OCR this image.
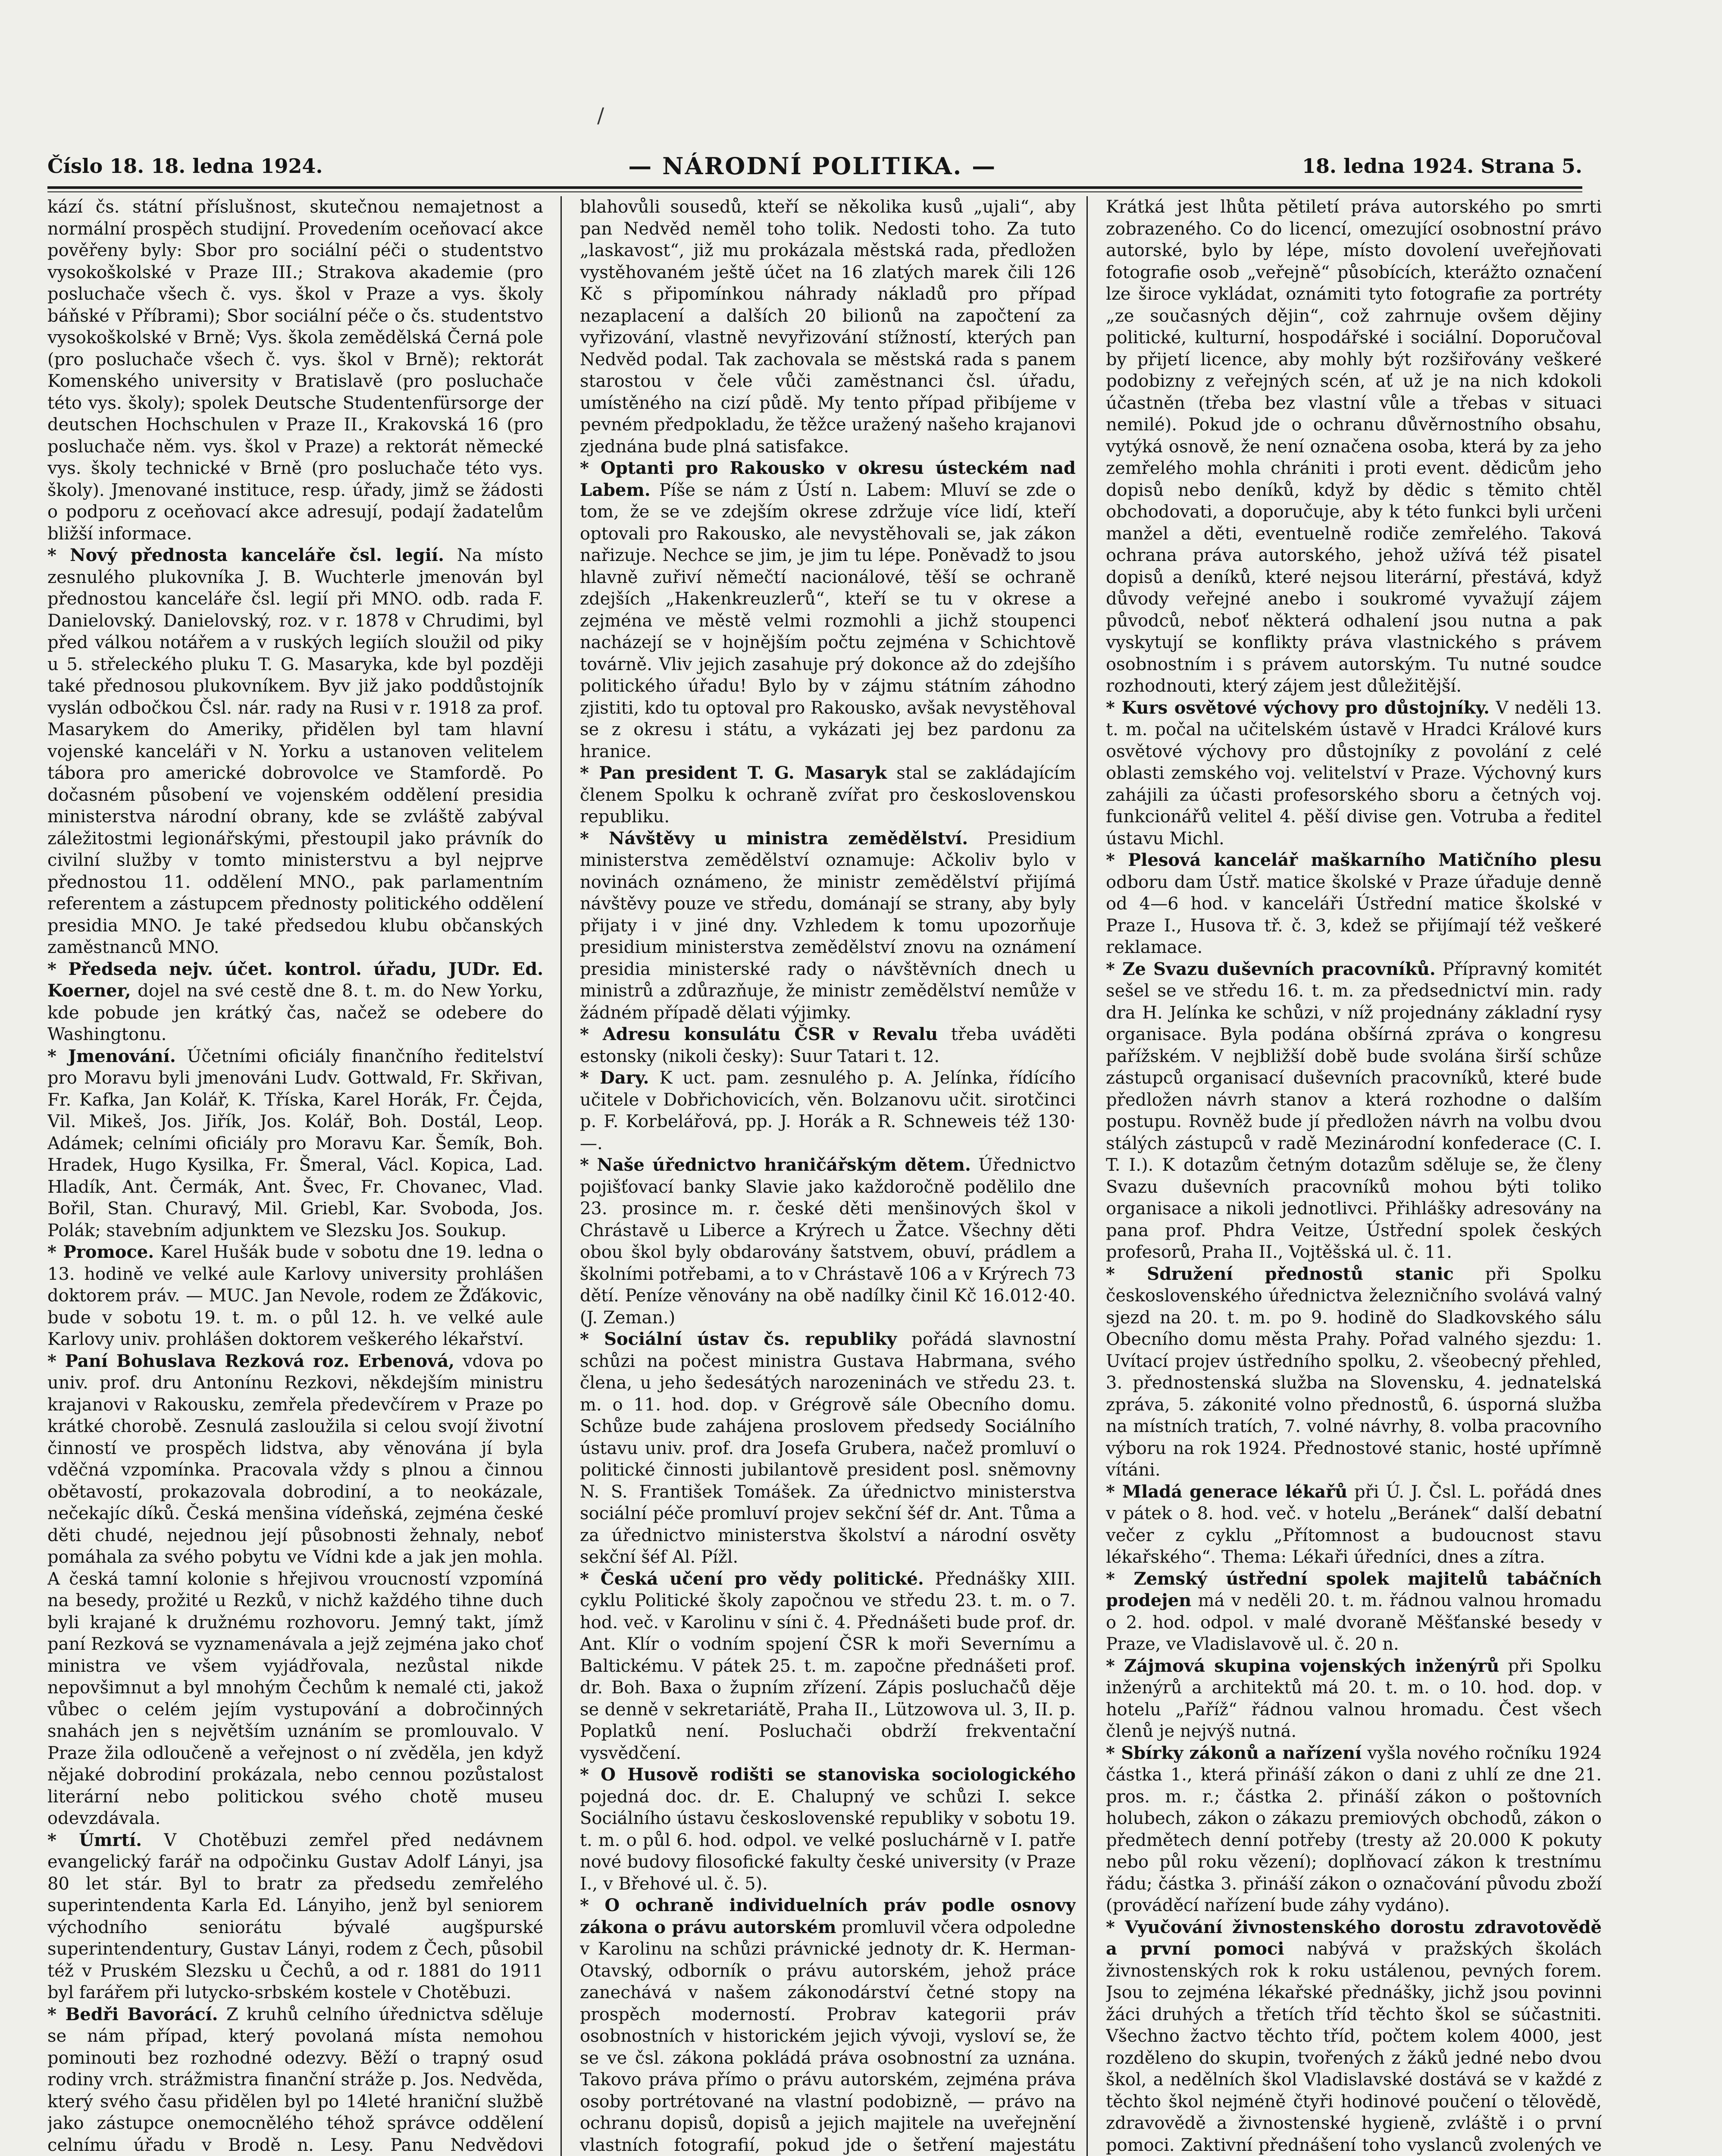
/
Číslo 18. 18. ledna 1924.	— NÁRODNÍ POLITIKA. —	18. ledna 1924. Strana 5.

kází čs. státní příslušnost, skutečnou nemajetnost a normální prospěch studijní. Provedením oceňovací akce pověřeny byly: Sbor pro sociální péči o studentstvo vysokoškolské v Praze III.; Strakova akademie (pro posluchače všech č. vys. škol v Praze a vys. školy báňské v Příbrami); Sbor sociální péče o čs. studentstvo vysokoškolské v Brně; Vys. škola zemědělská Černá pole (pro posluchače všech č. vys. škol v Brně); rektorát Komenského university v Bratislavě (pro posluchače této vys. školy); spolek Deutsche Studentenfürsorge der deutschen Hochschulen v Praze II., Krakovská 16 (pro posluchače něm. vys. škol v Praze) a rektorát německé vys. školy technické v Brně (pro posluchače této vys. školy). Jmenované instituce, resp. úřady, jimž se žádosti o podporu z oceňovací akce adresují, podají žadatelům bližší informace.

* Nový přednosta kanceláře čsl. legií. Na místo zesnulého plukovníka J. B. Wuchterle jmenován byl přednostou kanceláře čsl. legií při MNO. odb. rada F. Danielovský. Danielovský, roz. v r. 1878 v Chrudimi, byl před válkou notářem a v ruských legiích sloužil od piky u 5. střeleckého pluku T. G. Masaryka, kde byl později také přednosou plukovníkem. Byv již jako poddůstojník vyslán odbočkou Čsl. nár. rady na Rusi v r. 1918 za prof. Masarykem do Ameriky, přidělen byl tam hlavní vojenské kanceláři v N. Yorku a ustanoven velitelem tábora pro americké dobrovolce ve Stamfordě. Po dočasném působení ve vojenském oddělení presidia ministerstva národní obrany, kde se zvláště zabýval záležitostmi legionářskými, přestoupil jako právník do civilní služby v tomto ministerstvu a byl nejprve přednostou 11. oddělení MNO., pak parlamentním referentem a zástupcem přednosty politického oddělení presidia MNO. Je také předsedou klubu občanských zaměstnanců MNO.

* Předseda nejv. účet. kontrol. úřadu, JUDr. Ed. Koerner, dojel na své cestě dne 8. t. m. do New Yorku, kde pobude jen krátký čas, načež se odebere do Washingtonu.

* Jmenování. Účetními oficiály finančního ředitelství pro Moravu byli jmenováni Ludv. Gottwald, Fr. Skřivan, Fr. Kafka, Jan Kolář, K. Tříska, Karel Horák, Fr. Čejda, Vil. Mikeš, Jos. Jiřík, Jos. Kolář, Boh. Dostál, Leop. Adámek; celními oficiály pro Moravu Kar. Šemík, Boh. Hradek, Hugo Kysilka, Fr. Šmeral, Václ. Kopica, Lad. Hladík, Ant. Čermák, Ant. Švec, Fr. Chovanec, Vlad. Bořil, Stan. Churavý, Mil. Griebl, Kar. Svoboda, Jos. Polák; stavebním adjunktem ve Slezsku Jos. Soukup.

* Promoce. Karel Hušák bude v sobotu dne 19. ledna o 13. hodině ve velké aule Karlovy university prohlášen doktorem práv. — MUC. Jan Nevole, rodem ze Žďákovic, bude v sobotu 19. t. m. o půl 12. h. ve velké aule Karlovy univ. prohlášen doktorem veškerého lékařství.

* Paní Bohuslava Rezková roz. Erbenová, vdova po univ. prof. dru Antonínu Rezkovi, někdejším ministru krajanovi v Rakousku, zemřela předevčírem v Praze po krátké chorobě. Zesnulá zasloužila si celou svojí životní činností ve prospěch lidstva, aby věnována jí byla vděčná vzpomínka. Pracovala vždy s plnou a činnou obětavostí, prokazovala dobrodiní, a to neokázale, nečekajíc díků. Česká menšina vídeňská, zejména české děti chudé, nejednou její působnosti žehnaly, neboť pomáhala za svého pobytu ve Vídni kde a jak jen mohla. A česká tamní kolonie s hřejivou vroucností vzpomíná na besedy, prožité u Rezků, v nichž každého tihne duch byli krajané k družnému rozhovoru. Jemný takt, jímž paní Rezková se vyznamenávala a jejž zejména jako choť ministra ve všem vyjádřovala, nezůstal nikde nepovšimnut a byl mnohým Čechům k nemalé cti, jakož vůbec o celém jejím vystupování a dobročinných snahách jen s největším uznáním se promlouvalo. V Praze žila odloučeně a veřejnost o ní zvěděla, jen když nějaké dobrodiní prokázala, nebo cennou pozůstalost literární nebo politickou svého chotě museu odevzdávala.

* Úmrtí. V Chotěbuzi zemřel před nedávnem evangelický farář na odpočinku Gustav Adolf Lányi, jsa 80 let stár. Byl to bratr za předsedu zemřelého superintendenta Karla Ed. Lányiho, jenž byl seniorem východního seniorátu bývalé augšpurské superintendentury, Gustav Lányi, rodem z Čech, působil též v Pruském Slezsku u Čechů, a od r. 1881 do 1911 byl farářem při lutycko-srbském kostele v Chotěbuzi.

* Bedři Bavorácí. Z kruhů celního úřednictva sděluje se nám případ, který povolaná místa nemohou pominouti bez rozhodné odezvy. Běží o trapný osud rodiny vrch. strážmistra finanční stráže p. Jos. Nedvěda, který svého času přidělen byl po 14leté hraniční službě jako zástupce onemocnělého téhož správce oddělení celnímu úřadu v Brodě n. Lesy. Panu Nedvědovi

blahovůli sousedů, kteří se několika kusů „ujali“, aby pan Nedvěd neměl toho tolik. Nedosti toho. Za tuto „laskavost“, již mu prokázala městská rada, předložen vystěhovaném ještě účet na 16 zlatých marek čili 126 Kč s připomínkou náhrady nákladů pro případ nezaplacení a dalších 20 bilionů na započtení za vyřizování, vlastně nevyřizování stížností, kterých pan Nedvěd podal. Tak zachovala se městská rada s panem starostou v čele vůči zaměstnanci čsl. úřadu, umístěného na cizí půdě. My tento případ přibíjeme v pevném předpokladu, že těžce uražený našeho krajanovi zjednána bude plná satisfakce.

* Optanti pro Rakousko v okresu ústeckém nad Labem. Píše se nám z Ústí n. Labem: Mluví se zde o tom, že se ve zdejším okrese zdržuje více lidí, kteří optovali pro Rakousko, ale nevystěhovali se, jak zákon nařizuje. Nechce se jim, je jim tu lépe. Poněvadž to jsou hlavně zuřiví němečtí nacionálové, těší se ochraně zdejších „Hakenkreuzlerů“, kteří se tu v okrese a zejména ve městě velmi rozmohli a jichž stoupenci nacházejí se v hojnějším počtu zejména v Schichtově továrně. Vliv jejich zasahuje prý dokonce až do zdejšího politického úřadu! Bylo by v zájmu státním záhodno zjistiti, kdo tu optoval pro Rakousko, avšak nevystěhoval se z okresu i státu, a vykázati jej bez pardonu za hranice.

* Pan president T. G. Masaryk stal se zakládajícím členem Spolku k ochraně zvířat pro československou republiku.

* Návštěvy u ministra zemědělství. Presidium ministerstva zemědělství oznamuje: Ačkoliv bylo v novinách oznámeno, že ministr zemědělství přijímá návštěvy pouze ve středu, dománají se strany, aby byly přijaty i v jiné dny. Vzhledem k tomu upozorňuje presidium ministerstva zemědělství znovu na oznámení presidia ministerské rady o návštěvních dnech u ministrů a zdůrazňuje, že ministr zemědělství nemůže v žádném případě dělati výjimky.

* Adresu konsulátu ČSR v Revalu třeba uváděti estonsky (nikoli česky): Suur Tatari t. 12.

* Dary. K uct. pam. zesnulého p. A. Jelínka, řídícího učitele v Dobřichovicích, věn. Bolzanovu učit. sirotčinci p. F. Korbelářová, pp. J. Horák a R. Schneweis též 130·—.

* Naše úřednictvo hraničářským dětem. Úřednictvo pojišťovací banky Slavie jako každoročně podělilo dne 23. prosince m. r. české děti menšinových škol v Chrástavě u Liberce a Krýrech u Žatce. Všechny děti obou škol byly obdarovány šatstvem, obuví, prádlem a školními potřebami, a to v Chrástavě 106 a v Krýrech 73 dětí. Peníze věnovány na obě nadílky činil Kč 16.012·40. (J. Zeman.)

* Sociální ústav čs. republiky pořádá slavnostní schůzi na počest ministra Gustava Habrmana, svého člena, u jeho šedesátých narozeninách ve středu 23. t. m. o 11. hod. dop. v Grégrově sále Obecního domu. Schůze bude zahájena proslovem předsedy Sociálního ústavu univ. prof. dra Josefa Grubera, načež promluví o politické činnosti jubilantově president posl. sněmovny N. S. František Tomášek. Za úřednictvo ministerstva sociální péče promluví projev sekční šéf dr. Ant. Tůma a za úřednictvo ministerstva školství a národní osvěty sekční šéf Al. Pížl.

* Česká učení pro vědy politické. Přednášky XIII. cyklu Politické školy započnou ve středu 23. t. m. o 7. hod. več. v Karolinu v síni č. 4. Přednášeti bude prof. dr. Ant. Klír o vodním spojení ČSR k moři Severnímu a Baltickému. V pátek 25. t. m. započne přednášeti prof. dr. Boh. Baxa o župním zřízení. Zápis posluchačů děje se denně v sekretariátě, Praha II., Lützowova ul. 3, II. p. Poplatků není. Posluchači obdrží frekventační vysvědčení.

* O Husově rodišti se stanoviska sociologického pojedná doc. dr. E. Chalupný ve schůzi I. sekce Sociálního ústavu československé republiky v sobotu 19. t. m. o půl 6. hod. odpol. ve velké posluchárně v I. patře nové budovy filosofické fakulty české university (v Praze I., v Břehové ul. č. 5).

* O ochraně individuelních práv podle osnovy zákona o právu autorském promluvil včera odpoledne v Karolinu na schůzi právnické jednoty dr. K. Herman-Otavský, odborník o právu autorském, jehož práce zanechává v našem zákonodárství četné stopy na prospěch moderností. Probrav kategorii práv osobnostních v historickém jejich vývoji, vysloví se, že se ve čsl. zákona pokládá práva osobnostní za uznána. Takovo práva přímo o právu autorském, zejména práva osoby portrétované na vlastní podobizně, — právo na ochranu dopisů, dopisů a jejich majitele na uveřejnění vlastních fotografií, pokud jde o šetření majestátu

Krátká jest lhůta pětiletí práva autorského po smrti zobrazeného. Co do licencí, omezující osobnostní právo autorské, bylo by lépe, místo dovolení uveřejňovati fotografie osob „veřejně“ působících, kterážto označení lze široce vykládat, oznámiti tyto fotografie za portréty „ze současných dějin“, což zahrnuje ovšem dějiny politické, kulturní, hospodářské i sociální. Doporučoval by přijetí licence, aby mohly být rozšiřovány veškeré podobizny z veřejných scén, ať už je na nich kdokoli účastněn (třeba bez vlastní vůle a třebas v situaci nemilé). Pokud jde o ochranu důvěrnostního obsahu, vytýká osnově, že není označena osoba, která by za jeho zemřelého mohla chrániti i proti event. dědicům jeho dopisů nebo deníků, když by dědic s těmito chtěl obchodovati, a doporučuje, aby k této funkci byli určeni manžel a děti, eventuelně rodiče zemřelého. Taková ochrana práva autorského, jehož užívá též pisatel dopisů a deníků, které nejsou literární, přestává, když důvody veřejné anebo i soukromé vyvažují zájem původců, neboť některá odhalení jsou nutna a pak vyskytují se konflikty práva vlastnického s právem osobnostním i s právem autorským. Tu nutné soudce rozhodnouti, který zájem jest důležitější.

* Kurs osvětové výchovy pro důstojníky. V neděli 13. t. m. počal na učitelském ústavě v Hradci Králové kurs osvětové výchovy pro důstojníky z povolání z celé oblasti zemského voj. velitelství v Praze. Výchovný kurs zahájili za účasti profesorského sboru a četných voj. funkcionářů velitel 4. pěší divise gen. Votruba a ředitel ústavu Michl.

* Plesová kancelář maškarního Matičního plesu odboru dam Ústř. matice školské v Praze úřaduje denně od 4—6 hod. v kanceláři Ústřední matice školské v Praze I., Husova tř. č. 3, kdež se přijímají též veškeré reklamace.

* Ze Svazu duševních pracovníků. Přípravný komitét sešel se ve středu 16. t. m. za předsednictví min. rady dra H. Jelínka ke schůzi, v níž projednány základní rysy organisace. Byla podána obšírná zpráva o kongresu pařížském. V nejbližší době bude svolána širší schůze zástupců organisací duševních pracovníků, které bude předložen návrh stanov a která rozhodne o dalším postupu. Rovněž bude jí předložen návrh na volbu dvou stálých zástupců v radě Mezinárodní konfederace (C. I. T. I.). K dotazům četným dotazům sděluje se, že členy Svazu duševních pracovníků mohou býti toliko organisace a nikoli jednotlivci. Přihlášky adresovány na pana prof. Phdra Veitze, Ústřední spolek českých profesorů, Praha II., Vojtěšská ul. č. 11.

* Sdružení přednostů stanic při Spolku československého úřednictva železničního svolává valný sjezd na 20. t. m. po 9. hodině do Sladkovského sálu Obecního domu města Prahy. Pořad valného sjezdu: 1. Uvítací projev ústředního spolku, 2. všeobecný přehled, 3. přednostenská služba na Slovensku, 4. jednatelská zpráva, 5. zákonité volno přednostů, 6. úsporná služba na místních tratích, 7. volné návrhy, 8. volba pracovního výboru na rok 1924. Přednostové stanic, hosté upřímně vítáni.

* Mladá generace lékařů při Ú. J. Čsl. L. pořádá dnes v pátek o 8. hod. več. v hotelu „Beránek“ další debatní večer z cyklu „Přítomnost a budoucnost stavu lékařského“. Thema: Lékaři úředníci, dnes a zítra.

* Zemský ústřední spolek majitelů tabáčních prodejen má v neděli 20. t. m. řádnou valnou hromadu o 2. hod. odpol. v malé dvoraně Měšťanské besedy v Praze, ve Vladislavově ul. č. 20 n.

* Zájmová skupina vojenských inženýrů při Spolku inženýrů a architektů má 20. t. m. o 10. hod. dop. v hotelu „Paříž“ řádnou valnou hromadu. Čest všech členů je nejvýš nutná.

* Sbírky zákonů a nařízení vyšla nového ročníku 1924 částka 1., která přináší zákon o dani z uhlí ze dne 21. pros. m. r.; částka 2. přináší zákon o poštovních holubech, zákon o zákazu premiových obchodů, zákon o předmětech denní potřeby (tresty až 20.000 K pokuty nebo půl roku vězení); doplňovací zákon k trestnímu řádu; částka 3. přináší zákon o označování původu zboží (prováděcí nařízení bude záhy vydáno).

* Vyučování živnostenského dorostu zdravotovědě a první pomoci nabývá v pražských školách živnostenských rok k roku ustálenou, pevných forem. Jsou to zejména lékařské přednášky, jichž jsou povinni žáci druhých a třetích tříd těchto škol se súčastniti. Všechno žactvo těchto tříd, počtem kolem 4000, jest rozděleno do skupin, tvořených z žáků jedné nebo dvou škol, a nedělních škol Vladislavské dostává se v každé z těchto škol nejméně čtyři hodinové poučení o tělovědě, zdravovědě a živnostenské hygieně, zvláště i o první pomoci. Zaktivní přednášení toho vyslanců zvolených ve
